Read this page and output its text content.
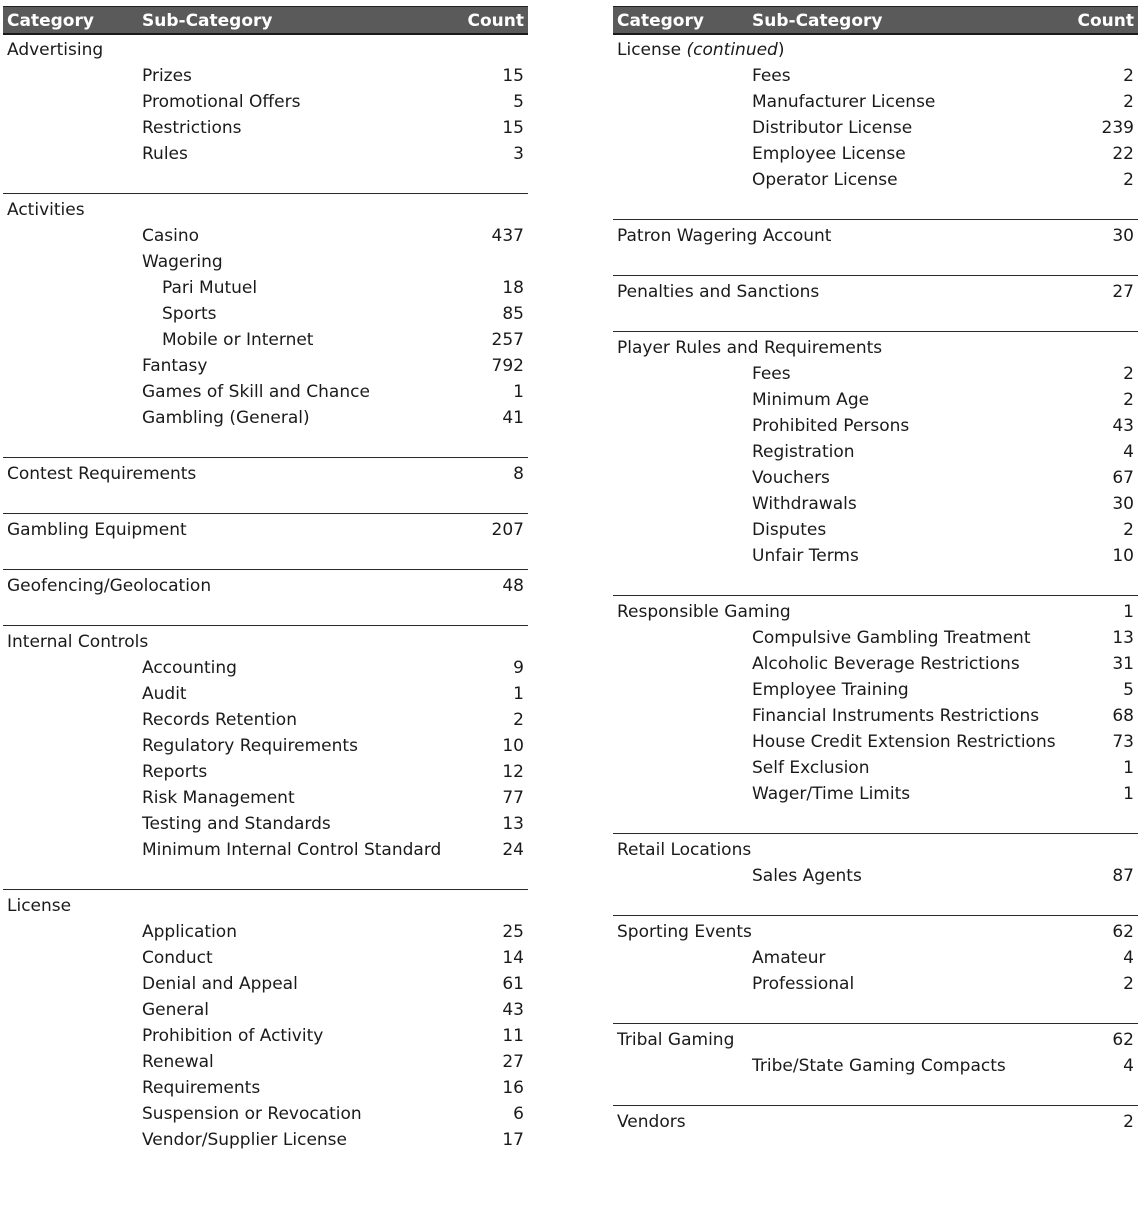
Category	Sub-Category	Count
Advertising
Prizes	15
Promotional Offers	5
Restrictions	15
Rules	3
Activities
Casino	437
Wagering
Pari Mutuel	18
Sports	85
Mobile or Internet	257
Fantasy	792
Games of Skill and Chance	1
Gambling (General)	41
Contest Requirements	8
Gambling Equipment	207
Geofencing/Geolocation	48
Internal Controls
Accounting	9
Audit	1
Records Retention	2
Regulatory Requirements	10
Reports	12
Risk Management	77
Testing and Standards	13
Minimum Internal Control Standard	24
License
Application	25
Conduct	14
Denial and Appeal	61
General	43
Prohibition of Activity	11
Renewal	27
Requirements	16
Suspension or Revocation	6
Vendor/Supplier License	17
Category	Sub-Category	Count
License (continued)
Fees	2
Manufacturer License	2
Distributor License	239
Employee License	22
Operator License	2
Patron Wagering Account	30
Penalties and Sanctions	27
Player Rules and Requirements
Fees	2
Minimum Age	2
Prohibited Persons	43
Registration	4
Vouchers	67
Withdrawals	30
Disputes	2
Unfair Terms	10
Responsible Gaming	1
Compulsive Gambling Treatment	13
Alcoholic Beverage Restrictions	31
Employee Training	5
Financial Instruments Restrictions	68
House Credit Extension Restrictions	73
Self Exclusion	1
Wager/Time Limits	1
Retail Locations
Sales Agents	87
Sporting Events	62
Amateur	4
Professional	2
Tribal Gaming	62
Tribe/State Gaming Compacts	4
Vendors	2
